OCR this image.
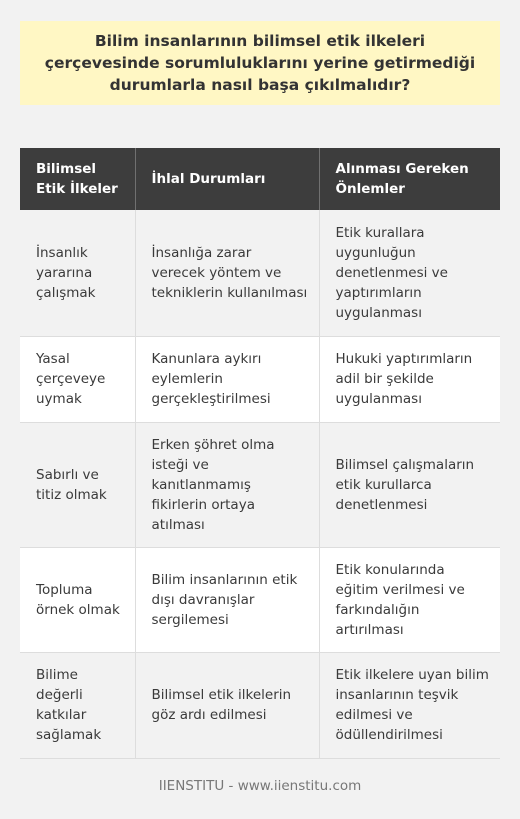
Bilim insanlarının bilimsel etik ilkeleri çerçevesinde sorumluluklarını yerine getirmediği durumlarla nasıl başa çıkılmalıdır?

Bilimsel Etik İlkeler	İhlal Durumları	Alınması Gereken Önlemler
İnsanlık yararına çalışmak	İnsanlığa zarar verecek yöntem ve tekniklerin kullanılması	Etik kurallara uygunluğun denetlenmesi ve yaptırımların uygulanması
Yasal çerçeveye uymak	Kanunlara aykırı eylemlerin gerçekleştirilmesi	Hukuki yaptırımların adil bir şekilde uygulanması
Sabırlı ve titiz olmak	Erken şöhret olma isteği ve kanıtlanmamış fikirlerin ortaya atılması	Bilimsel çalışmaların etik kurullarca denetlenmesi
Topluma örnek olmak	Bilim insanlarının etik dışı davranışlar sergilemesi	Etik konularında eğitim verilmesi ve farkındalığın artırılması
Bilime değerli katkılar sağlamak	Bilimsel etik ilkelerin göz ardı edilmesi	Etik ilkelere uyan bilim insanlarının teşvik edilmesi ve ödüllendirilmesi
IIENSTITU - www.iienstitu.com
